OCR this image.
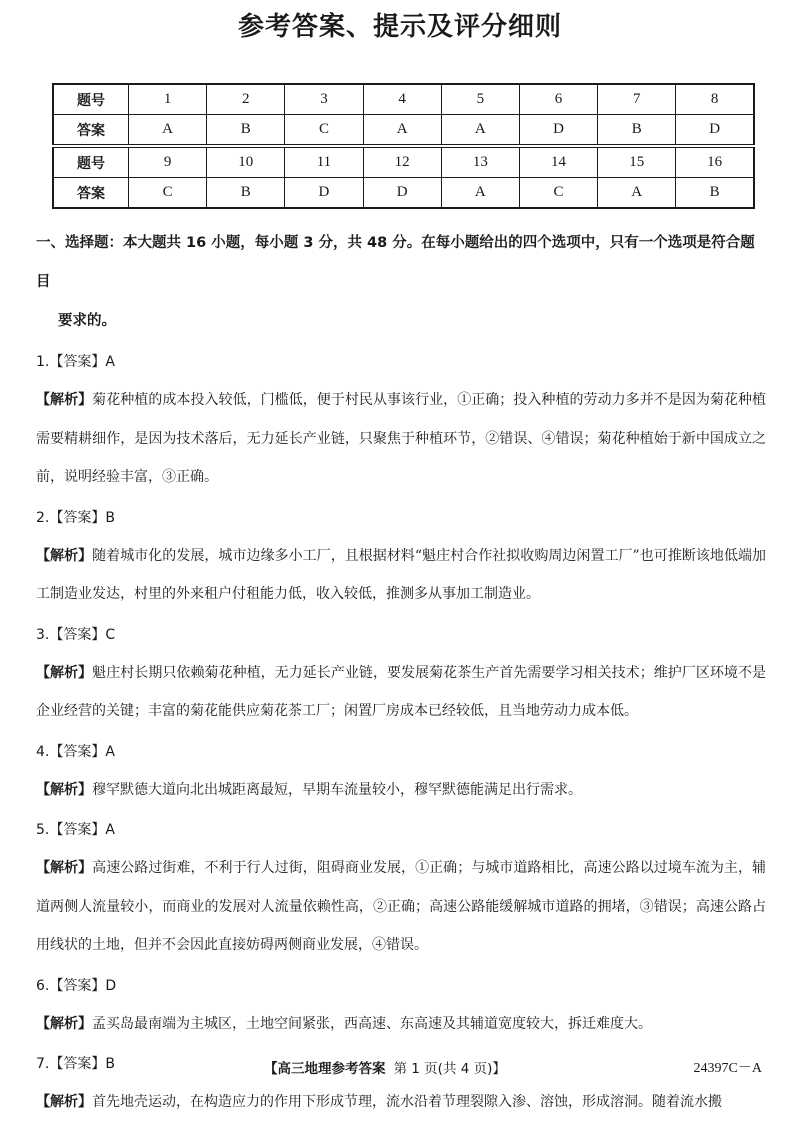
参考答案、提示及评分细则
题号	1	2	3	4	5	6	7	8
答案	A	B	C	A	A	D	B	D
题号	9	10	11	12	13	14	15	16
答案	C	B	D	D	A	C	A	B
一、选择题：本大题共 16 小题，每小题 3 分，共 48 分。在每小题给出的四个选项中，只有一个选项是符合题目
要求的。
1.【答案】A
【解析】菊花种植的成本投入较低，门槛低，便于村民从事该行业，①正确；投入种植的劳动力多并不是因为菊花种植需要精耕细作，是因为技术落后，无力延长产业链，只聚焦于种植环节，②错误、④错误；菊花种植始于新中国成立之前，说明经验丰富，③正确。
2.【答案】B
【解析】随着城市化的发展，城市边缘多小工厂，且根据材料“魁庄村合作社拟收购周边闲置工厂”也可推断该地低端加工制造业发达，村里的外来租户付租能力低，收入较低，推测多从事加工制造业。
3.【答案】C
【解析】魁庄村长期只依赖菊花种植，无力延长产业链，要发展菊花茶生产首先需要学习相关技术；维护厂区环境不是企业经营的关键；丰富的菊花能供应菊花茶工厂；闲置厂房成本已经较低，且当地劳动力成本低。
4.【答案】A
【解析】穆罕默德大道向北出城距离最短，早期车流量较小，穆罕默德能满足出行需求。
5.【答案】A
【解析】高速公路过街难，不利于行人过街，阻碍商业发展，①正确；与城市道路相比，高速公路以过境车流为主，辅道两侧人流量较小，而商业的发展对人流量依赖性高，②正确；高速公路能缓解城市道路的拥堵，③错误；高速公路占用线状的土地，但并不会因此直接妨碍两侧商业发展，④错误。
6.【答案】D
【解析】孟买岛最南端为主城区，土地空间紧张，西高速、东高速及其辅道宽度较大，拆迁难度大。
7.【答案】B
【解析】首先地壳运动，在构造应力的作用下形成节理，流水沿着节理裂隙入渗、溶蚀，形成溶洞。随着流水搬
【高三地理参考答案 第 1 页(共 4 页)】	24397C－A
